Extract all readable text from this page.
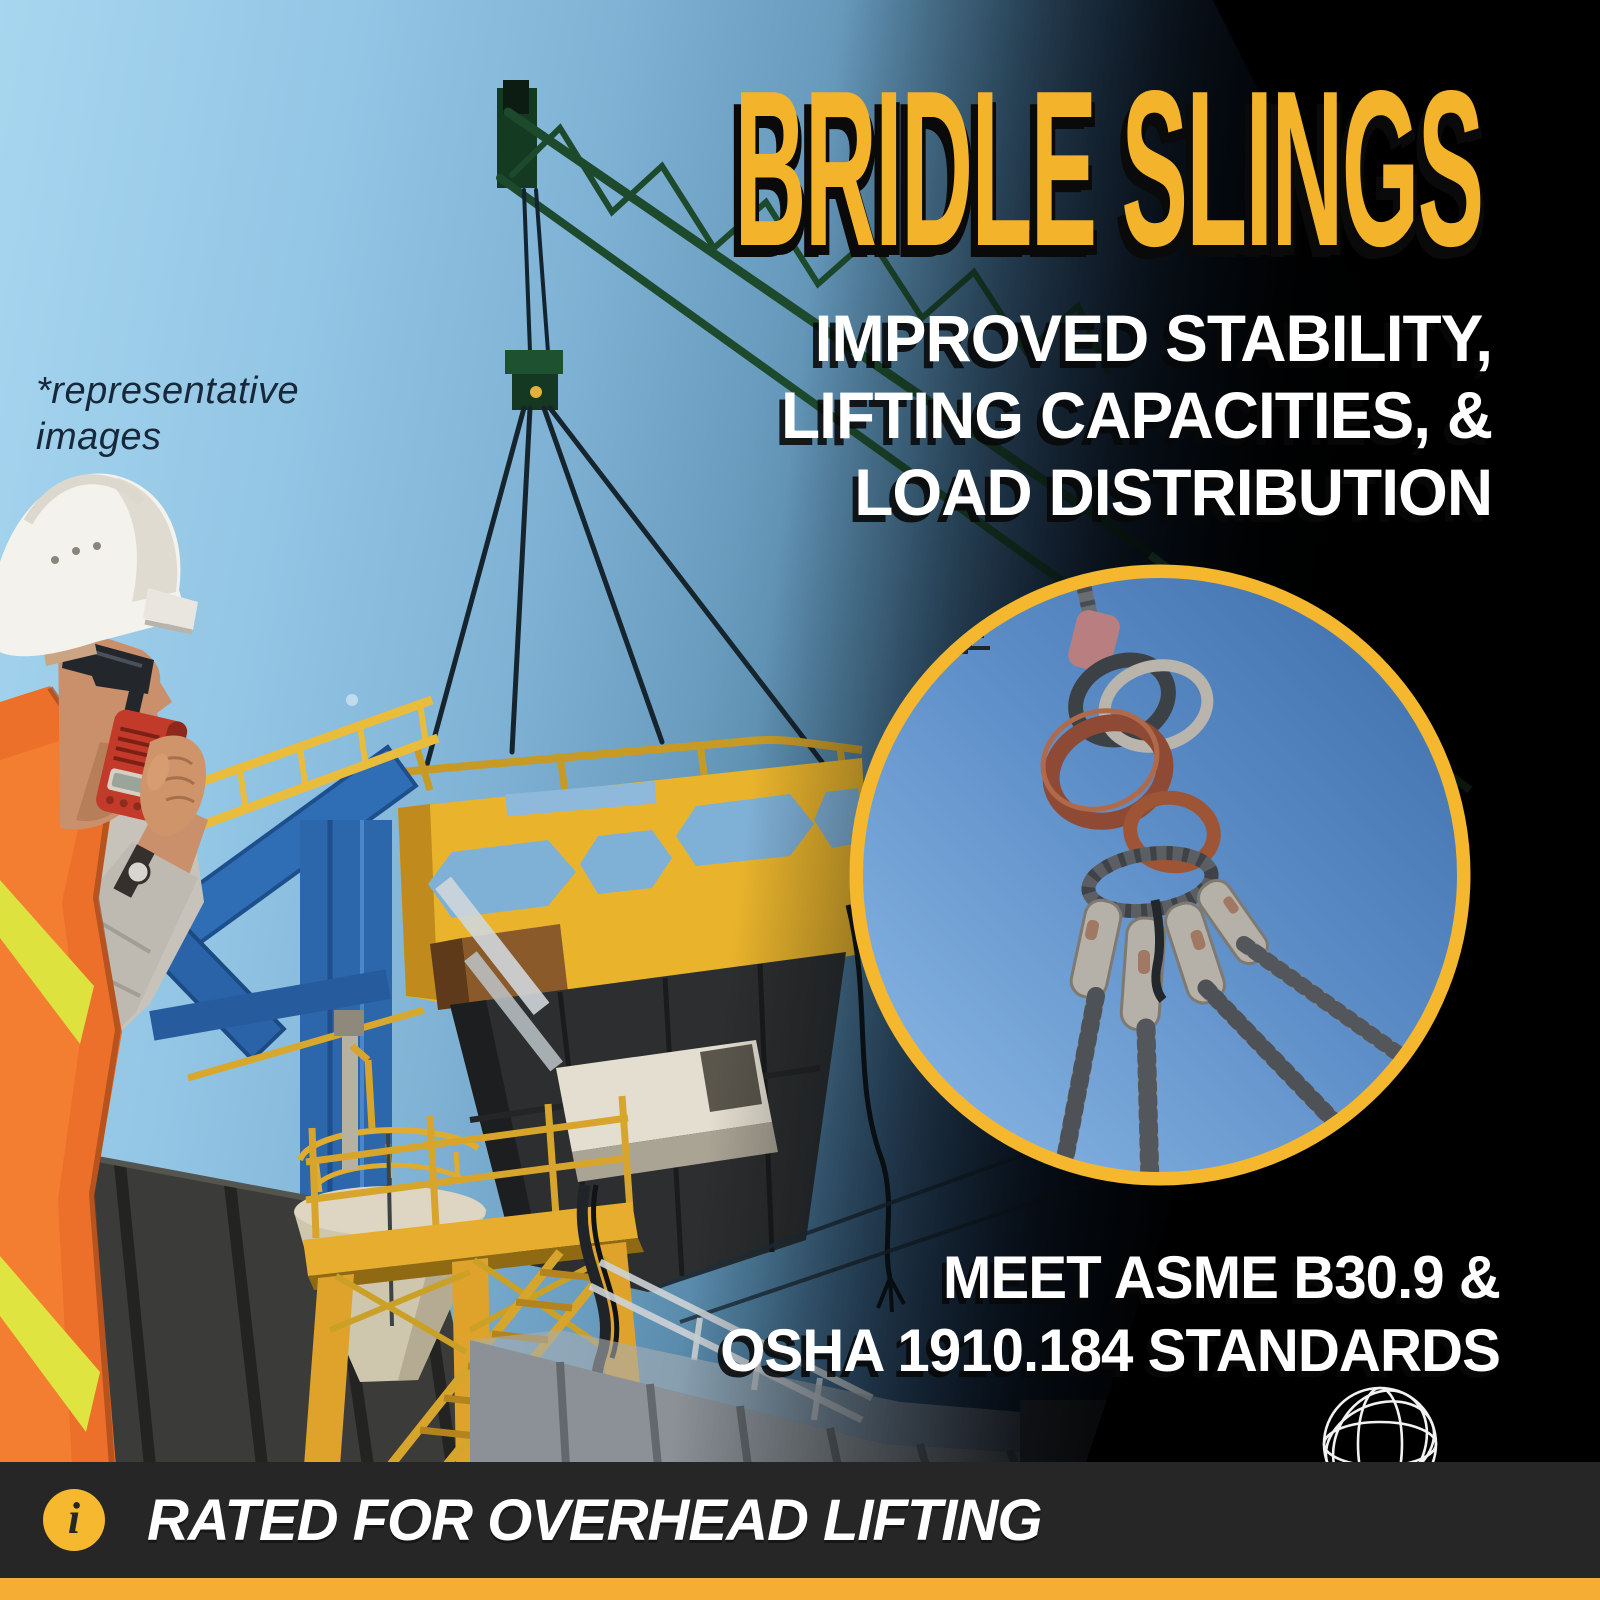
*representative images

BRIDLE SLINGS
IMPROVED STABILITY,
LIFTING CAPACITIES, &
LOAD DISTRIBUTION
MEET ASME B30.9 &
OSHA 1910.184 STANDARDS
i RATED FOR OVERHEAD LIFTING
